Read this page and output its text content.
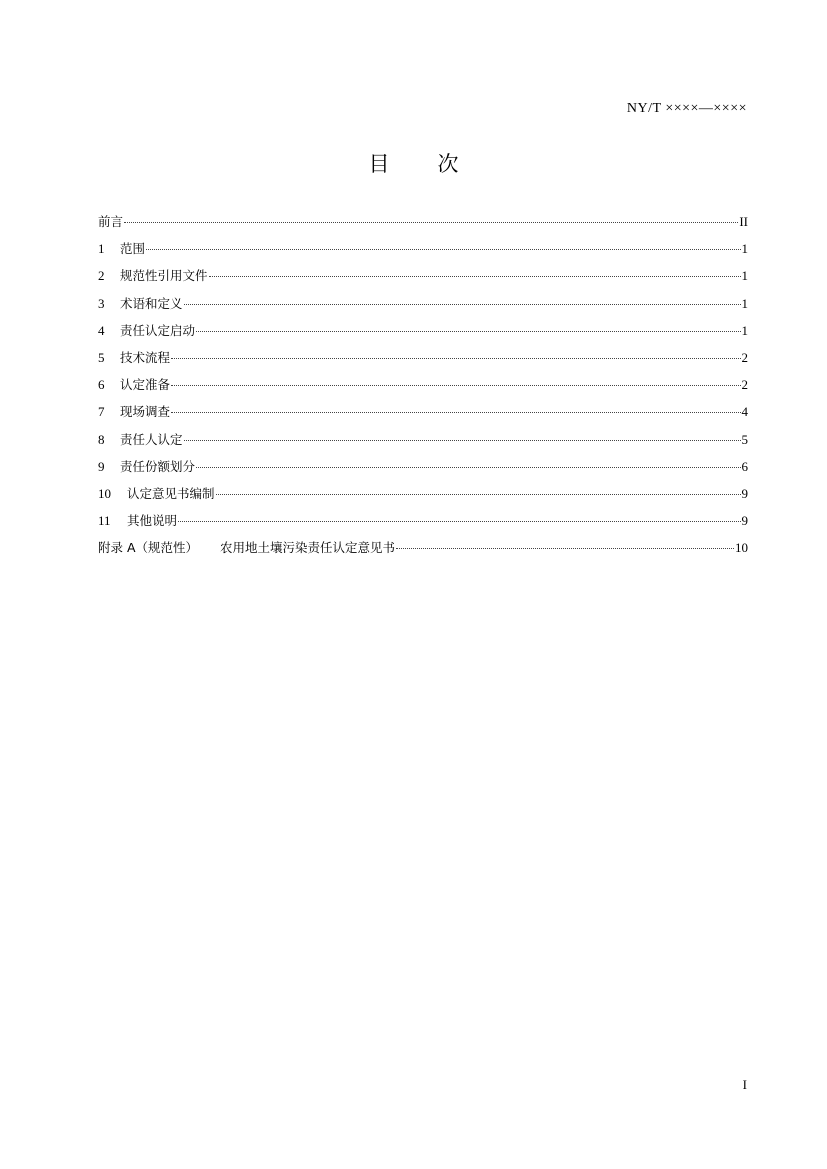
NY/T ××××—××××
目 次
前言	II
1	范围	1
2	规范性引用文件	1
3	术语和定义	1
4	责任认定启动	1
5	技术流程	2
6	认定准备	2
7	现场调查	4
8	责任人认定	5
9	责任份额划分	6
10	认定意见书编制	9
11	其他说明	9
附录 A（规范性） 农用地土壤污染责任认定意见书	10
I
